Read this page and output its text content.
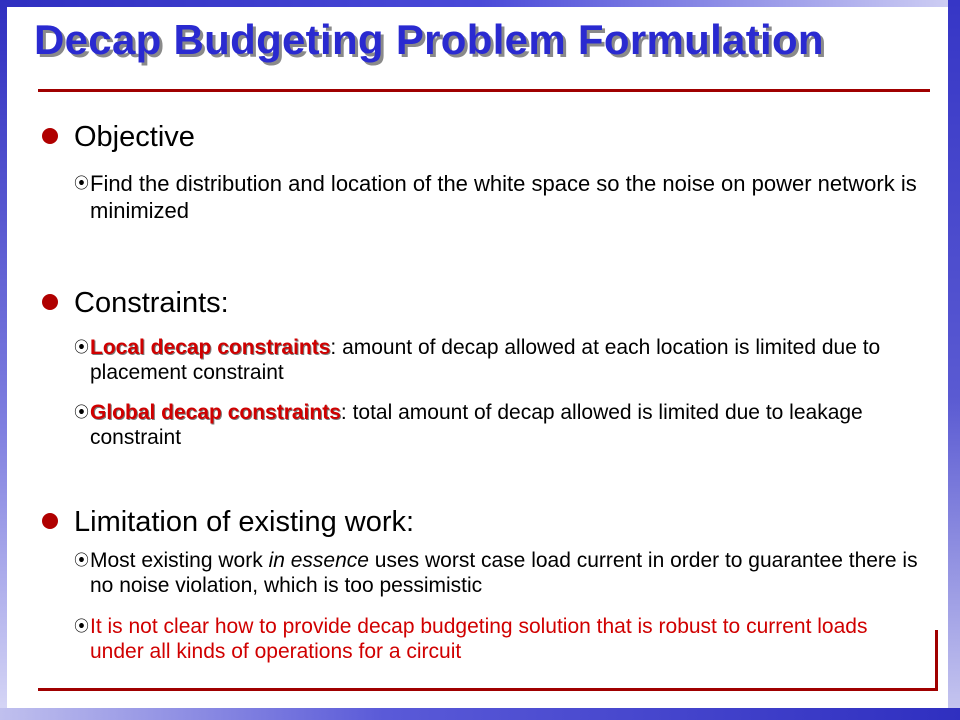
Decap Budgeting Problem Formulation
Objective
⦿ Find the distribution and location of the white space so the noise on power network is minimized
Constraints:
⦿ Local decap constraints: amount of decap allowed at each location is limited due to placement constraint
⦿ Global decap constraints: total amount of decap allowed is limited due to leakage constraint
Limitation of existing work:
⦿ Most existing work in essence uses worst case load current in order to guarantee there is no noise violation, which is too pessimistic
⦿ It is not clear how to provide decap budgeting solution that is robust to current loads under all kinds of operations for a circuit
